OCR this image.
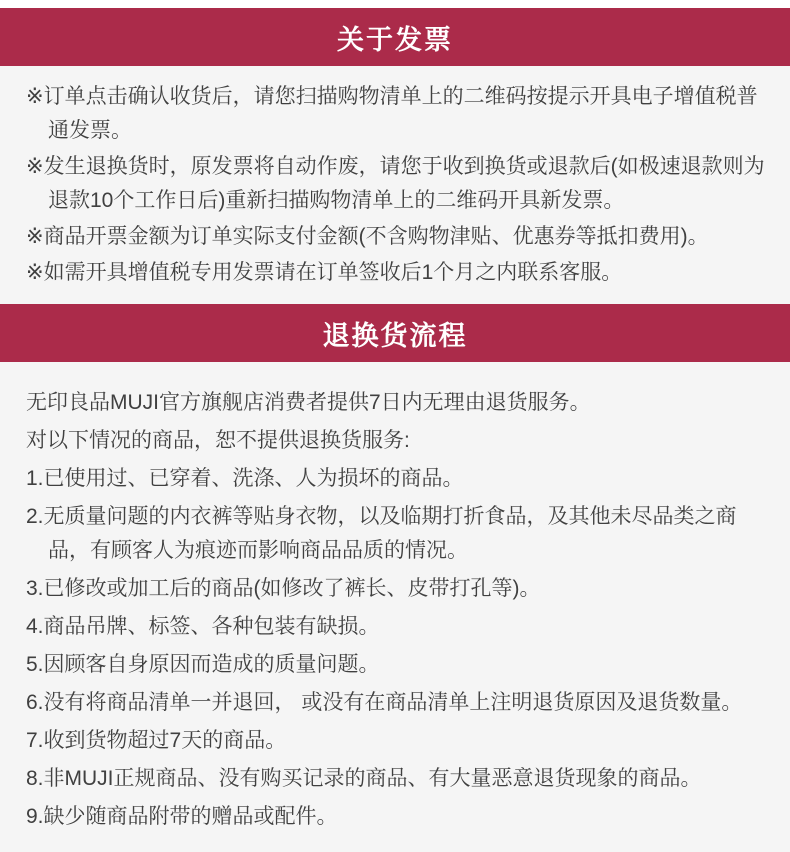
关于发票

※订单点击确认收货后，请您扫描购物清单上的二维码按提示开具电子增值税普通发票。

※发生退换货时，原发票将自动作废，请您于收到换货或退款后(如极速退款则为退款10个工作日后)重新扫描购物清单上的二维码开具新发票。

※商品开票金额为订单实际支付金额(不含购物津贴、优惠券等抵扣费用)。

※如需开具增值税专用发票请在订单签收后1个月之内联系客服。

退换货流程

无印良品MUJI官方旗舰店消费者提供7日内无理由退货服务。

对以下情况的商品，恕不提供退换货服务:

1.已使用过、已穿着、洗涤、人为损坏的商品。

2.无质量问题的内衣裤等贴身衣物，以及临期打折食品，及其他未尽品类之商品，有顾客人为痕迹而影响商品品质的情况。

3.已修改或加工后的商品(如修改了裤长、皮带打孔等)。

4.商品吊牌、标签、各种包装有缺损。

5.因顾客自身原因而造成的质量问题。

6.没有将商品清单一并退回， 或没有在商品清单上注明退货原因及退货数量。

7.收到货物超过7天的商品。

8.非MUJI正规商品、没有购买记录的商品、有大量恶意退货现象的商品。

9.缺少随商品附带的赠品或配件。
